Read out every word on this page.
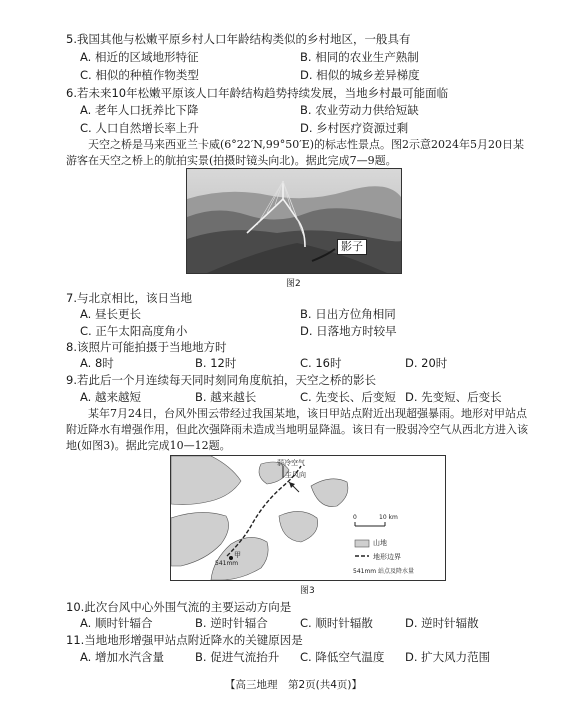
5.我国其他与松嫩平原乡村人口年龄结构类似的乡村地区，一般具有
A. 相近的区域地形特征	B. 相同的农业生产熟制
C. 相似的种植作物类型	D. 相似的城乡差异梯度
6.若未来10年松嫩平原该人口年龄结构趋势持续发展，当地乡村最可能面临
A. 老年人口抚养比下降	B. 农业劳动力供给短缺
C. 人口自然增长率上升	D. 乡村医疗资源过剩
天空之桥是马来西亚兰卡威(6°22′N,99°50′E)的标志性景点。图2示意2024年5月20日某游客在天空之桥上的航拍实景(拍摄时镜头向北)。据此完成7—9题。
影子
图2
7.与北京相比，该日当地
A. 昼长更长	B. 日出方位角相同
C. 正午太阳高度角小	D. 日落地方时较早
8.该照片可能拍摄于当地地方时
A. 8时	B. 12时	C. 16时	D. 20时
9.若此后一个月连续每天同时刻同角度航拍，天空之桥的影长
A. 越来越短	B. 越来越长	C. 先变长、后变短 D. 先变短、后变长
某年7月24日，台风外围云带经过我国某地，该日甲站点附近出现超强暴雨。地形对甲站点附近降水有增强作用，但此次强降雨未造成当地明显降温。该日有一股弱冷空气从西北方进入该地(如图3)。据此完成10—12题。
弱冷空气
主风向
甲
541mm
0	10 km
山地
地形边界
541mm 站点及降水量
图3
10.此次台风中心外围气流的主要运动方向是
A. 顺时针辐合	B. 逆时针辐合	C. 顺时针辐散	D. 逆时针辐散
11.当地地形增强甲站点附近降水的关键原因是
A. 增加水汽含量	B. 促进气流抬升 C. 降低空气温度 D. 扩大风力范围
【高三地理　第2页(共4页)】
